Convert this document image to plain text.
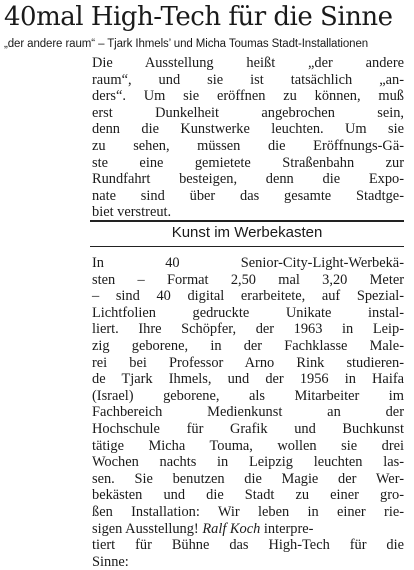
40mal High-Tech für die Sinne
„der andere raum“ – Tjark Ihmels’ und Micha Toumas Stadt-Installationen
Die Ausstellung heißt „der andere
raum“, und sie ist tatsächlich „an-
ders“. Um sie eröffnen zu können, muß
erst Dunkelheit angebrochen sein,
denn die Kunstwerke leuchten. Um sie
zu sehen, müssen die Eröffnungs-Gä-
ste eine gemietete Straßenbahn zur
Rundfahrt besteigen, denn die Expo-
nate sind über das gesamte Stadtge-
biet verstreut.
Kunst im Werbekasten
In 40 Senior-City-Light-Werbekä-
sten – Format 2,50 mal 3,20 Meter
– sind 40 digital erarbeitete, auf Spezial-
Lichtfolien gedruckte Unikate instal-
liert. Ihre Schöpfer, der 1963 in Leip-
zig geborene, in der Fachklasse Male-
rei bei Professor Arno Rink studieren-
de Tjark Ihmels, und der 1956 in Haifa
(Israel) geborene, als Mitarbeiter im
Fachbereich Medienkunst an der
Hochschule für Grafik und Buchkunst
tätige Micha Touma, wollen sie drei
Wochen nachts in Leipzig leuchten las-
sen. Sie benutzen die Magie der Wer-
bekästen und die Stadt zu einer gro-
ßen Installation: Wir leben in einer rie-
sigen Ausstellung! Ralf Koch interpre-
tiert für Bühne das High-Tech für die
Sinne:
